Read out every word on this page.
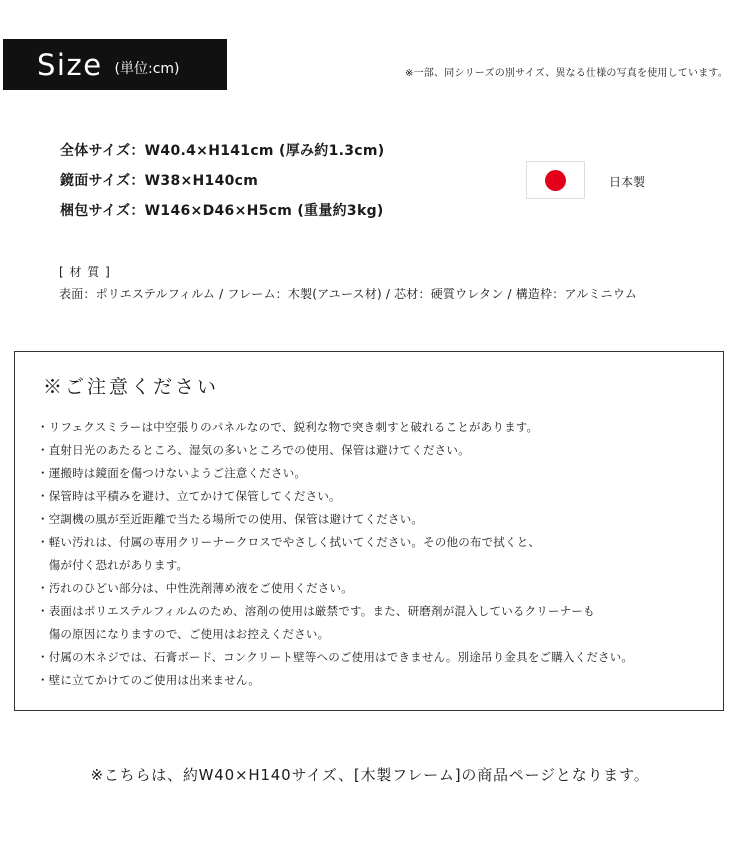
Size (単位:cm)	※一部、同シリーズの別サイズ、異なる仕様の写真を使用しています。
全体サイズ：W40.4×H141cm (厚み約1.3cm)
鏡面サイズ：W38×H140cm
梱包サイズ：W146×D46×H5cm (重量約3kg)
日本製
[ 材 質 ]
表面：ポリエステルフィルム / フレーム：木製(アユース材) / 芯材：硬質ウレタン / 構造枠：アルミニウム
※ご注意ください
・リフェクスミラーは中空張りのパネルなので、鋭利な物で突き刺すと破れることがあります。
・直射日光のあたるところ、湿気の多いところでの使用、保管は避けてください。
・運搬時は鏡面を傷つけないようご注意ください。
・保管時は平積みを避け、立てかけて保管してください。
・空調機の風が至近距離で当たる場所での使用、保管は避けてください。
・軽い汚れは、付属の専用クリーナークロスでやさしく拭いてください。その他の布で拭くと、
　傷が付く恐れがあります。
・汚れのひどい部分は、中性洗剤薄め液をご使用ください。
・表面はポリエステルフィルムのため、溶剤の使用は厳禁です。また、研磨剤が混入しているクリーナーも
　傷の原因になりますので、ご使用はお控えください。
・付属の木ネジでは、石膏ボード、コンクリート壁等へのご使用はできません。別途吊り金具をご購入ください。
・壁に立てかけてのご使用は出来ません。
※こちらは、約W40×H140サイズ、[木製フレーム]の商品ページとなります。
